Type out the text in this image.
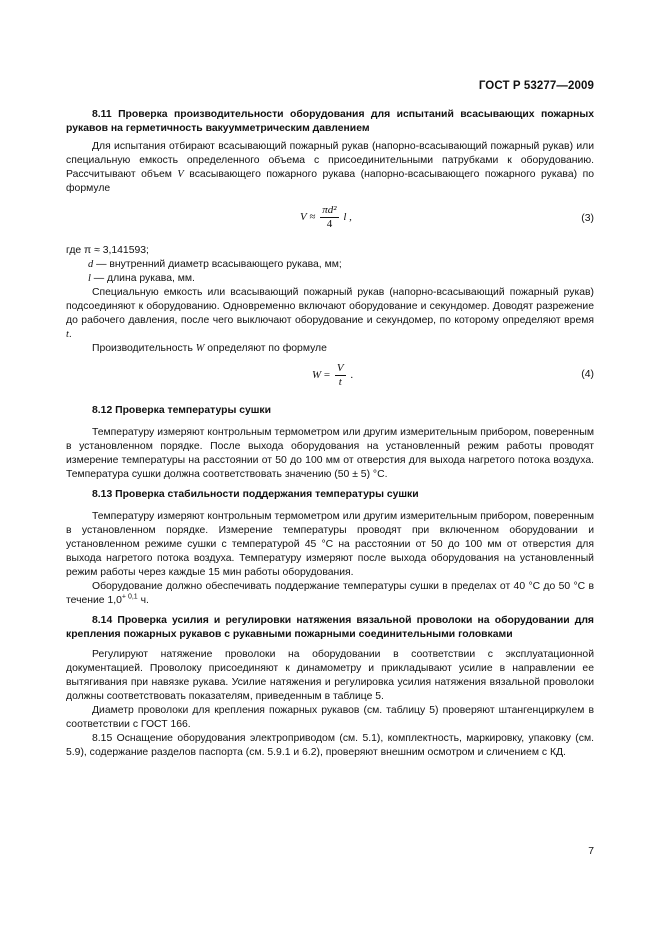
ГОСТ Р 53277—2009

8.11 Проверка производительности оборудования для испытаний всасывающих пожарных рукавов на герметичность вакуумметрическим давлением

Для испытания отбирают всасывающий пожарный рукав (напорно-всасывающий пожарный рукав) или специальную емкость определенного объема с присоединительными патрубками к оборудованию. Рассчитывают объем V всасывающего пожарного рукава (напорно-всасывающего пожарного рукава) по формуле

$V \approx \frac{\text{πd²}}{4}$ l ,	(3)

где π ≈ 3,141593;

d — внутренний диаметр всасывающего рукава, мм;

l — длина рукава, мм.

Специальную емкость или всасывающий пожарный рукав (напорно-всасывающий пожарный рукав) подсоединяют к оборудованию. Одновременно включают оборудование и секундомер. Доводят разрежение до рабочего давления, после чего выключают оборудование и секундомер, по которому определяют время t.

Производительность W определяют по формуле

$W = \frac{V}{t}$ .	(4)

8.12 Проверка температуры сушки

Температуру измеряют контрольным термометром или другим измерительным прибором, поверенным в установленном порядке. После выхода оборудования на установленный режим работы проводят измерение температуры на расстоянии от 50 до 100 мм от отверстия для выхода нагретого потока воздуха. Температура сушки должна соответствовать значению (50 ± 5) °С.

8.13 Проверка стабильности поддержания температуры сушки

Температуру измеряют контрольным термометром или другим измерительным прибором, поверенным в установленном порядке. Измерение температуры проводят при включенном оборудовании и установленном режиме сушки с температурой 45 °С на расстоянии от 50 до 100 мм от отверстия для выхода нагретого потока воздуха. Температуру измеряют после выхода оборудования на установленный режим работы через каждые 15 мин работы оборудования.

Оборудование должно обеспечивать поддержание температуры сушки в пределах от 40 °С до 50 °С в течение $1,0^{+ 0,1}$ ч.

8.14 Проверка усилия и регулировки натяжения вязальной проволоки на оборудовании для крепления пожарных рукавов с рукавными пожарными соединительными головками

Регулируют натяжение проволоки на оборудовании в соответствии с эксплуатационной документацией. Проволоку присоединяют к динамометру и прикладывают усилие в направлении ее вытягивания при навязке рукава. Усилие натяжения и регулировка усилия натяжения вязальной проволоки должны соответствовать показателям, приведенным в таблице 5.

Диаметр проволоки для крепления пожарных рукавов (см. таблицу 5) проверяют штангенциркулем в соответствии с ГОСТ 166.

8.15 Оснащение оборудования электроприводом (см. 5.1), комплектность, маркировку, упаковку (см. 5.9), содержание разделов паспорта (см. 5.9.1 и 6.2), проверяют внешним осмотром и сличением с КД.

7
